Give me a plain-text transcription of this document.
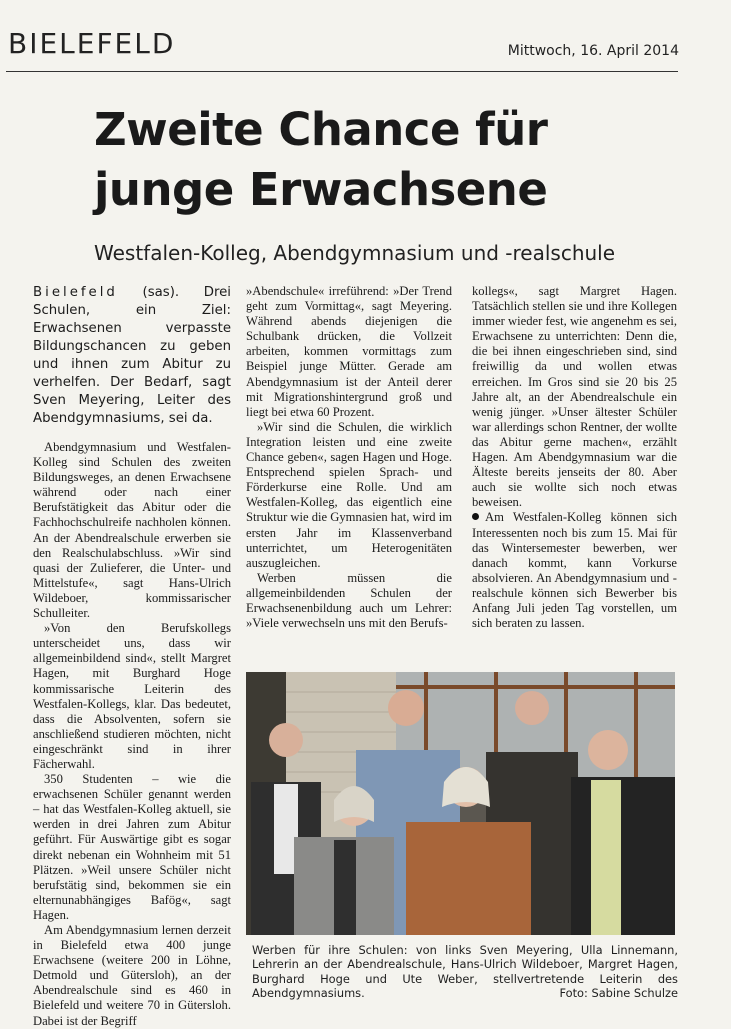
BIELEFELD	Mittwoch, 16. April 2014
Zweite Chance für
junge Erwachsene
Westfalen-Kolleg, Abendgymnasium und -realschule
Bielefeld (sas). Drei Schulen, ein Ziel: Erwachsenen verpasste Bildungschancen zu geben und ihnen zum Abitur zu verhelfen. Der Bedarf, sagt Sven Meyering, Leiter des Abendgymnasiums, sei da.

Abendgymnasium und Westfalen-Kolleg sind Schulen des zweiten Bildungsweges, an denen Erwachsene während oder nach einer Berufstätigkeit das Abitur oder die Fachhochschulreife nachholen können. An der Abendrealschule erwerben sie den Realschulabschluss. »Wir sind quasi der Zulieferer, die Unter- und Mittelstufe«, sagt Hans-Ulrich Wildeboer, kommissarischer Schulleiter.

»Von den Berufskollegs unterscheidet uns, dass wir allgemeinbildend sind«, stellt Margret Hagen, mit Burghard Hoge kommissarische Leiterin des Westfalen-Kollegs, klar. Das bedeutet, dass die Absolventen, sofern sie anschließend studieren möchten, nicht eingeschränkt sind in ihrer Fächerwahl.

350 Studenten – wie die erwachsenen Schüler genannt werden – hat das Westfalen-Kolleg aktuell, sie werden in drei Jahren zum Abitur geführt. Für Auswärtige gibt es sogar direkt nebenan ein Wohnheim mit 51 Plätzen. »Weil unsere Schüler nicht berufstätig sind, bekommen sie ein elternunabhängiges Bafög«, sagt Hagen.

Am Abendgymnasium lernen derzeit in Bielefeld etwa 400 junge Erwachsene (weitere 200 in Löhne, Detmold und Gütersloh), an der Abendrealschule sind es 460 in Bielefeld und weitere 70 in Gütersloh. Dabei ist der Begriff

»Abendschule« irreführend: »Der Trend geht zum Vormittag«, sagt Meyering. Während abends diejenigen die Schulbank drücken, die Vollzeit arbeiten, kommen vormittags zum Beispiel junge Mütter. Gerade am Abendgymnasium ist der Anteil derer mit Migrationshintergrund groß und liegt bei etwa 60 Prozent.

»Wir sind die Schulen, die wirklich Integration leisten und eine zweite Chance geben«, sagen Hagen und Hoge. Entsprechend spielen Sprach- und Förderkurse eine Rolle. Und am Westfalen-Kolleg, das eigentlich eine Struktur wie die Gymnasien hat, wird im ersten Jahr im Klassenverband unterrichtet, um Heterogenitäten auszugleichen.

Werben müssen die allgemeinbildenden Schulen der Erwachsenenbildung auch um Lehrer: »Viele verwechseln uns mit den Berufs-

kollegs«, sagt Margret Hagen. Tatsächlich stellen sie und ihre Kollegen immer wieder fest, wie angenehm es sei, Erwachsene zu unterrichten: Denn die, die bei ihnen eingeschrieben sind, sind freiwillig da und wollen etwas erreichen. Im Gros sind sie 20 bis 25 Jahre alt, an der Abendrealschule ein wenig jünger. »Unser ältester Schüler war allerdings schon Rentner, der wollte das Abitur gerne machen«, erzählt Hagen. Am Abendgymnasium war die Älteste bereits jenseits der 80. Aber auch sie wollte sich noch etwas beweisen.

Am Westfalen-Kolleg können sich Interessenten noch bis zum 15. Mai für das Wintersemester bewerben, wer danach kommt, kann Vorkurse absolvieren. An Abendgymnasium und -realschule können sich Bewerber bis Anfang Juli jeden Tag vorstellen, um sich beraten zu lassen.

Werben für ihre Schulen: von links Sven Meyering, Ulla Linnemann, Lehrerin an der Abendrealschule, Hans-Ulrich Wildeboer, Margret Hagen, Burghard Hoge und Ute Weber, stellvertretende Leiterin des Abendgymnasiums.	Foto: Sabine Schulze
